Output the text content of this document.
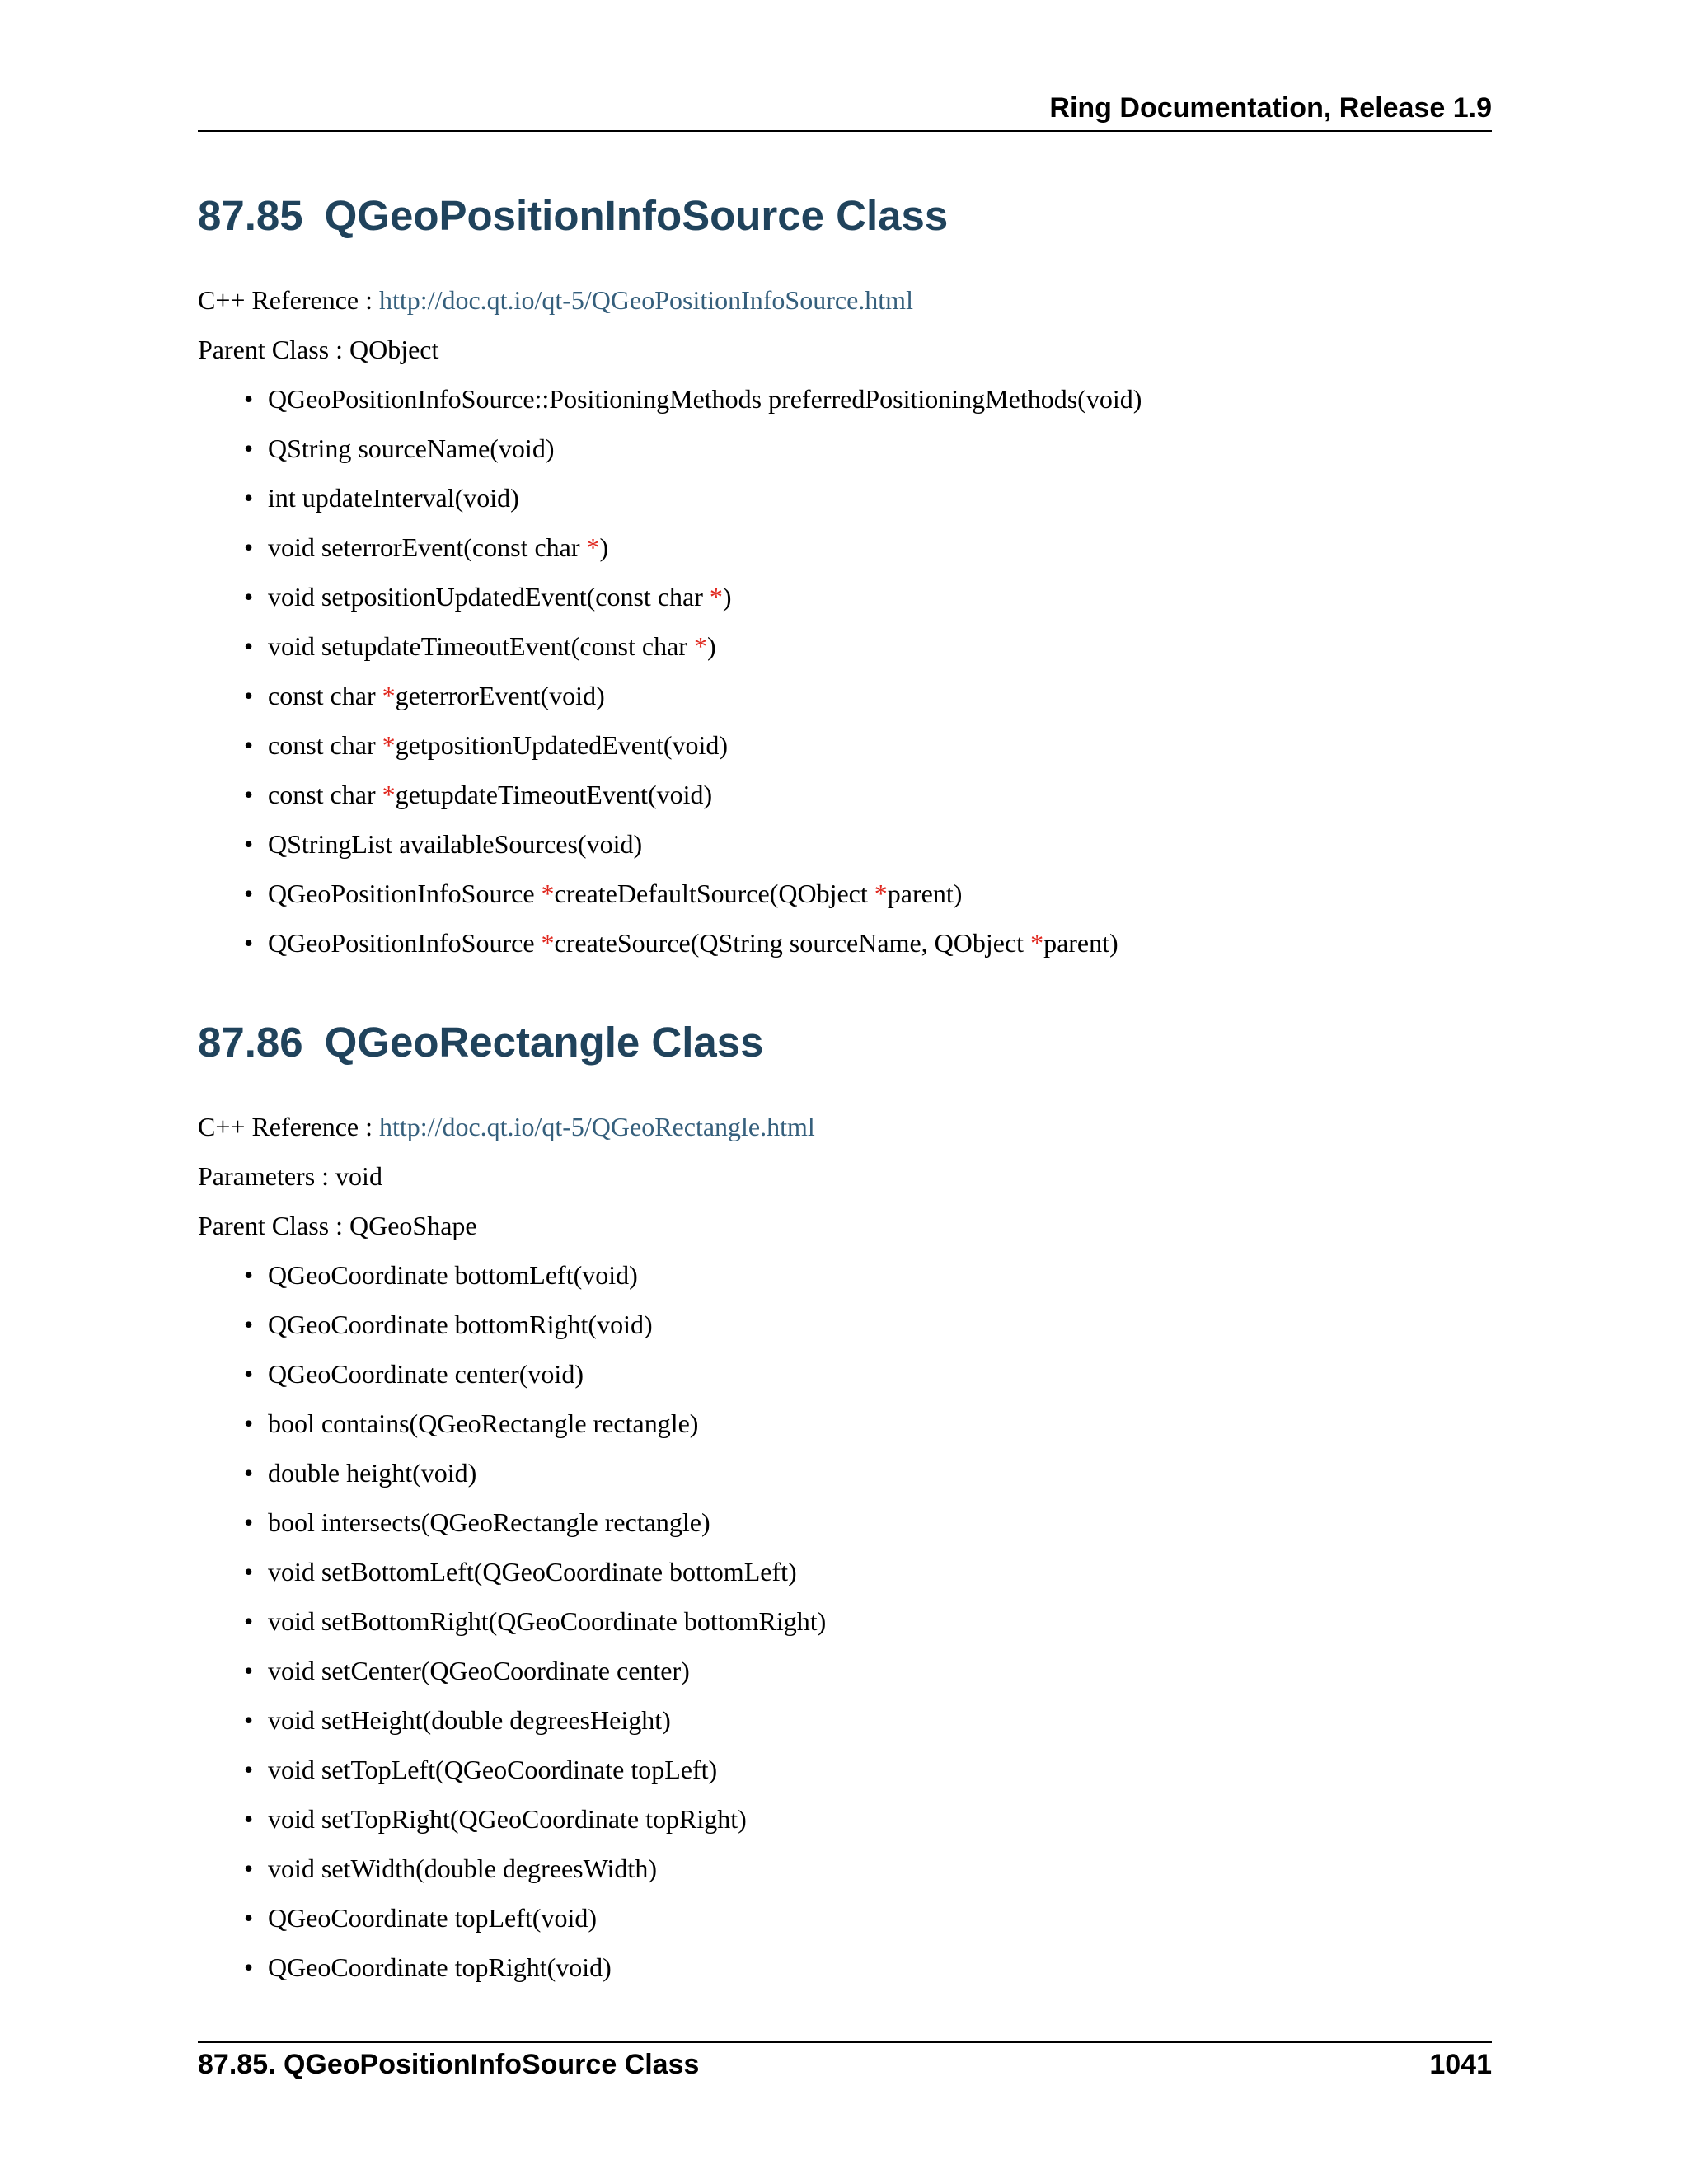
Ring Documentation, Release 1.9
87.85 QGeoPositionInfoSource Class
C++ Reference : http://doc.qt.io/qt-5/QGeoPositionInfoSource.html
Parent Class : QObject
• QGeoPositionInfoSource::PositioningMethods preferredPositioningMethods(void)
• QString sourceName(void)
• int updateInterval(void)
• void seterrorEvent(const char *)
• void setpositionUpdatedEvent(const char *)
• void setupdateTimeoutEvent(const char *)
• const char *geterrorEvent(void)
• const char *getpositionUpdatedEvent(void)
• const char *getupdateTimeoutEvent(void)
• QStringList availableSources(void)
• QGeoPositionInfoSource *createDefaultSource(QObject *parent)
• QGeoPositionInfoSource *createSource(QString sourceName, QObject *parent)
87.86 QGeoRectangle Class
C++ Reference : http://doc.qt.io/qt-5/QGeoRectangle.html
Parameters : void
Parent Class : QGeoShape
• QGeoCoordinate bottomLeft(void)
• QGeoCoordinate bottomRight(void)
• QGeoCoordinate center(void)
• bool contains(QGeoRectangle rectangle)
• double height(void)
• bool intersects(QGeoRectangle rectangle)
• void setBottomLeft(QGeoCoordinate bottomLeft)
• void setBottomRight(QGeoCoordinate bottomRight)
• void setCenter(QGeoCoordinate center)
• void setHeight(double degreesHeight)
• void setTopLeft(QGeoCoordinate topLeft)
• void setTopRight(QGeoCoordinate topRight)
• void setWidth(double degreesWidth)
• QGeoCoordinate topLeft(void)
• QGeoCoordinate topRight(void)
87.85. QGeoPositionInfoSource Class	1041
